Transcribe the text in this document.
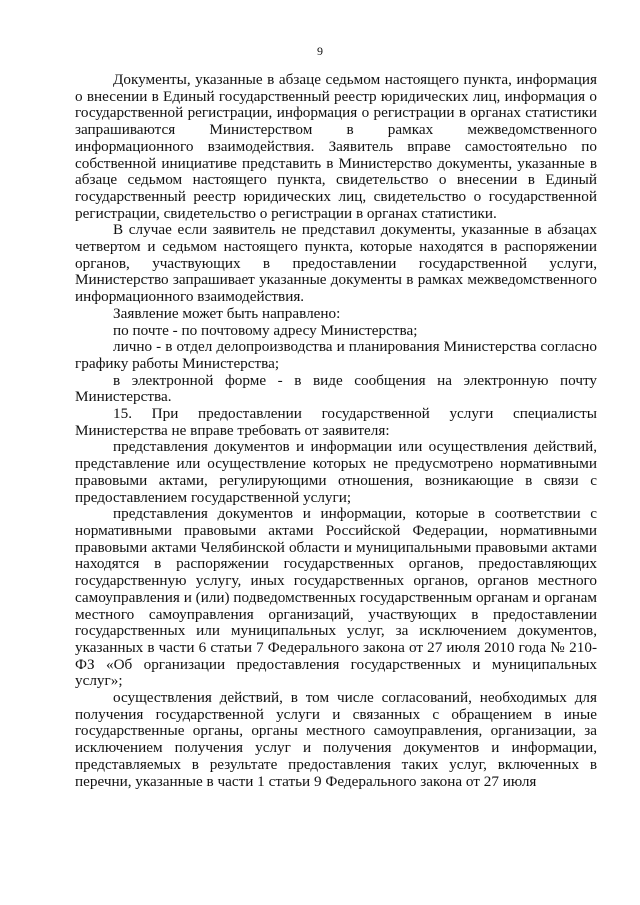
9

Документы, указанные в абзаце седьмом настоящего пункта, информация о внесении в Единый государственный реестр юридических лиц, информация о государственной регистрации, информация о регистрации в органах статистики запрашиваются Министерством в рамках межведомственного информационного взаимодействия. Заявитель вправе самостоятельно по собственной инициативе представить в Министерство документы, указанные в абзаце седьмом настоящего пункта, свидетельство о внесении в Единый государственный реестр юридических лиц, свидетельство о государственной регистрации, свидетельство о регистрации в органах статистики.

В случае если заявитель не представил документы, указанные в абзацах четвертом и седьмом настоящего пункта, которые находятся в распоряжении органов, участвующих в предоставлении государственной услуги, Министерство запрашивает указанные документы в рамках межведомственного информационного взаимодействия.

Заявление может быть направлено:

по почте - по почтовому адресу Министерства;

лично - в отдел делопроизводства и планирования Министерства согласно графику работы Министерства;

в электронной форме - в виде сообщения на электронную почту Министерства.

15. При предоставлении государственной услуги специалисты Министерства не вправе требовать от заявителя:

представления документов и информации или осуществления действий, представление или осуществление которых не предусмотрено нормативными правовыми актами, регулирующими отношения, возникающие в связи с предоставлением государственной услуги;

представления документов и информации, которые в соответствии с нормативными правовыми актами Российской Федерации, нормативными правовыми актами Челябинской области и муниципальными правовыми актами находятся в распоряжении государственных органов, предоставляющих государственную услугу, иных государственных органов, органов местного самоуправления и (или) подведомственных государственным органам и органам местного самоуправления организаций, участвующих в предоставлении государственных или муниципальных услуг, за исключением документов, указанных в части 6 статьи 7 Федерального закона от 27 июля 2010 года № 210-ФЗ «Об организации предоставления государственных и муниципальных услуг»;

осуществления действий, в том числе согласований, необходимых для получения государственной услуги и связанных с обращением в иные государственные органы, органы местного самоуправления, организации, за исключением получения услуг и получения документов и информации, представляемых в результате предоставления таких услуг, включенных в перечни, указанные в части 1 статьи 9 Федерального закона от 27 июля
